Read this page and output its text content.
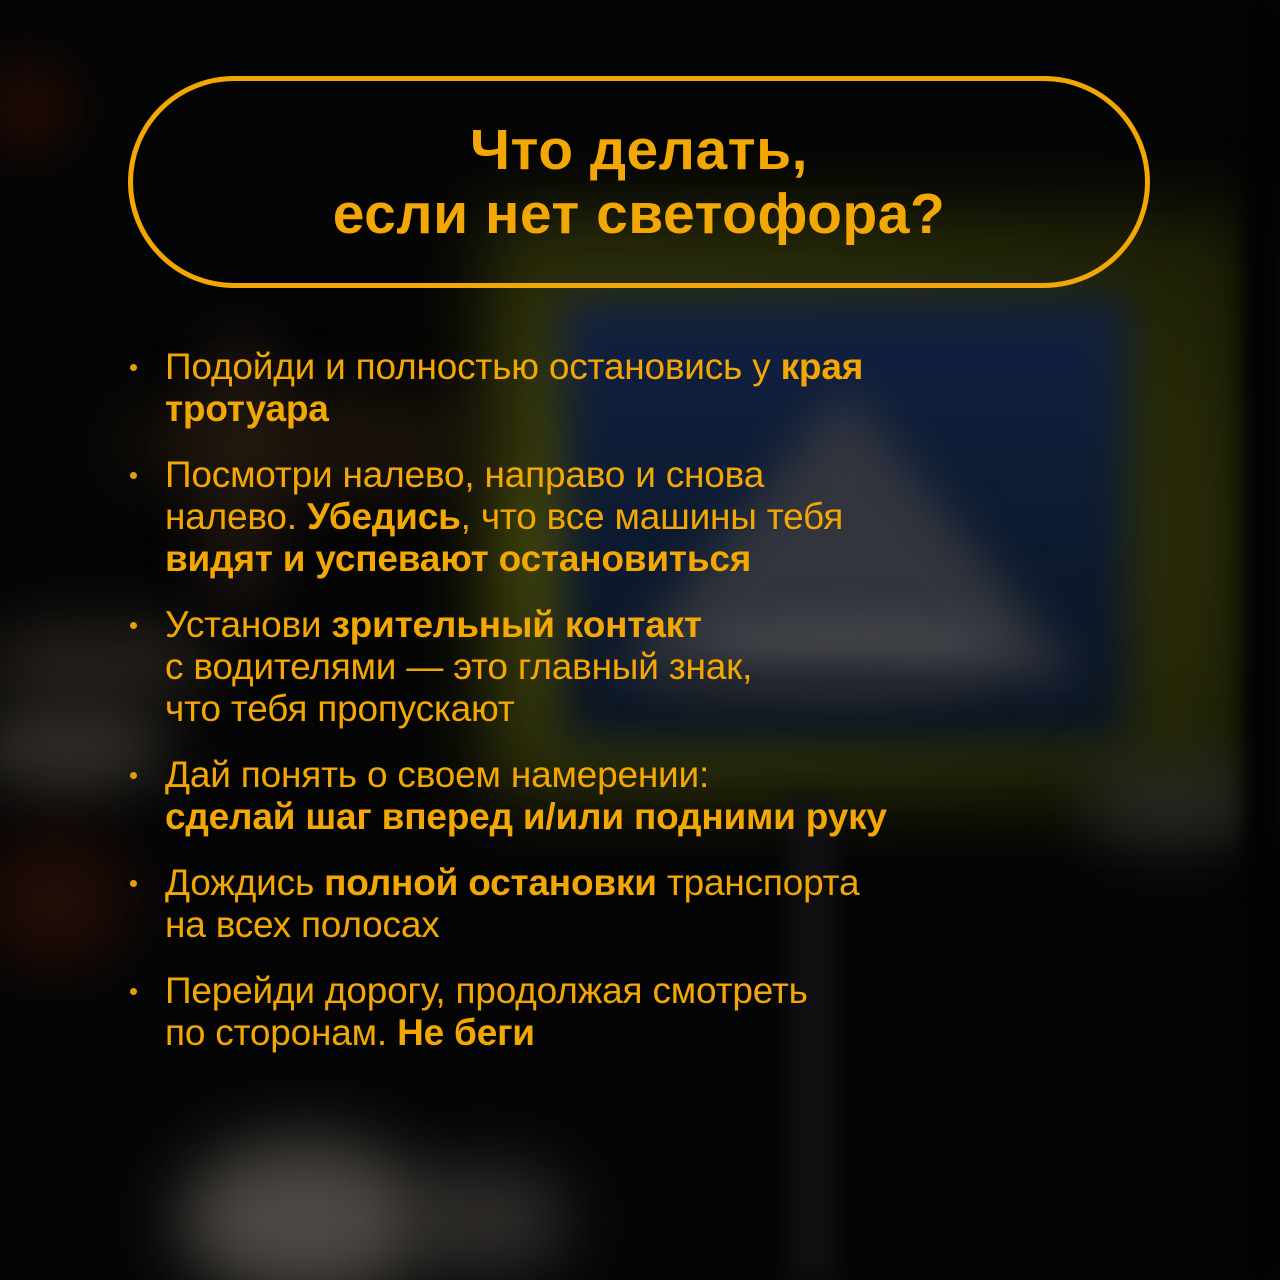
Что делать,
если нет светофора?
Подойди и полностью остановись у края
тротуара
Посмотри налево, направо и снова
налево. Убедись, что все машины тебя
видят и успевают остановиться
Установи зрительный контакт
с водителями — это главный знак,
что тебя пропускают
Дай понять о своем намерении:
сделай шаг вперед и/или подними руку
Дождись полной остановки транспорта
на всех полосах
Перейди дорогу, продолжая смотреть
по сторонам. Не беги
